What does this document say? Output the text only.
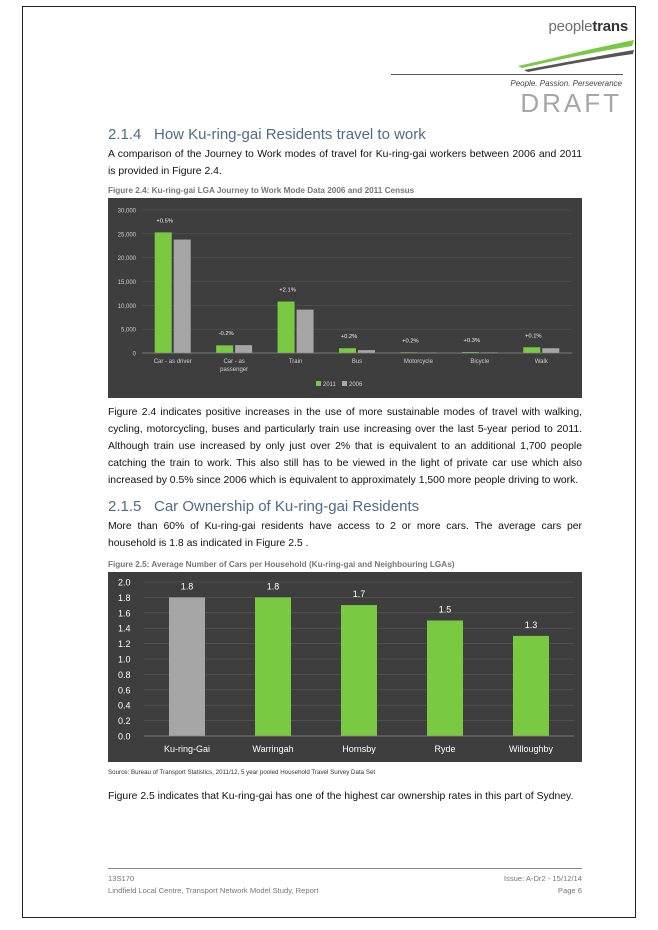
peopletrans
People. Passion. Perseverance
DRAFT
2.1.4 How Ku-ring-gai Residents travel to work
A comparison of the Journey to Work modes of travel for Ku-ring-gai workers between 2006 and 2011 is provided in Figure 2.4.
Figure 2.4: Ku-ring-gai LGA Journey to Work Mode Data 2006 and 2011 Census
0
5,000
10,000
15,000
20,000
25,000
30,000
+0.5%
Car - as driver
-0.2%
Car - as
passenger
+2.1%
Train
+0.2%
Bus
+0.2%
Motorcycle
+0.3%
Bicycle
+0.1%
Walk
2011 2006
Figure 2.4 indicates positive increases in the use of more sustainable modes of travel with walking, cycling, motorcycling, buses and particularly train use increasing over the last 5-year period to 2011. Although train use increased by only just over 2% that is equivalent to an additional 1,700 people catching the train to work. This also still has to be viewed in the light of private car use which also increased by 0.5% since 2006 which is equivalent to approximately 1,500 more people driving to work.
2.1.5 Car Ownership of Ku-ring-gai Residents
More than 60% of Ku-ring-gai residents have access to 2 or more cars. The average cars per household is 1.8 as indicated in Figure 2.5 .
Figure 2.5: Average Number of Cars per Household (Ku-ring-gai and Neighbouring LGAs)
0.0
0.2
0.4
0.6
0.8
1.0
1.2
1.4
1.6
1.8
2.0	1.8
Ku-ring-Gai
1.8
Warringah
1.7
Hornsby
1.5
Ryde
1.3
Willoughby
Source: Bureau of Transport Statistics, 2011/12, 5 year pooled Household Travel Survey Data Set
Figure 2.5 indicates that Ku-ring-gai has one of the highest car ownership rates in this part of Sydney.
13S170
Lindfield Local Centre, Transport Network Model Study, Report
Issue: A-Dr2 - 15/12/14
Page 6
